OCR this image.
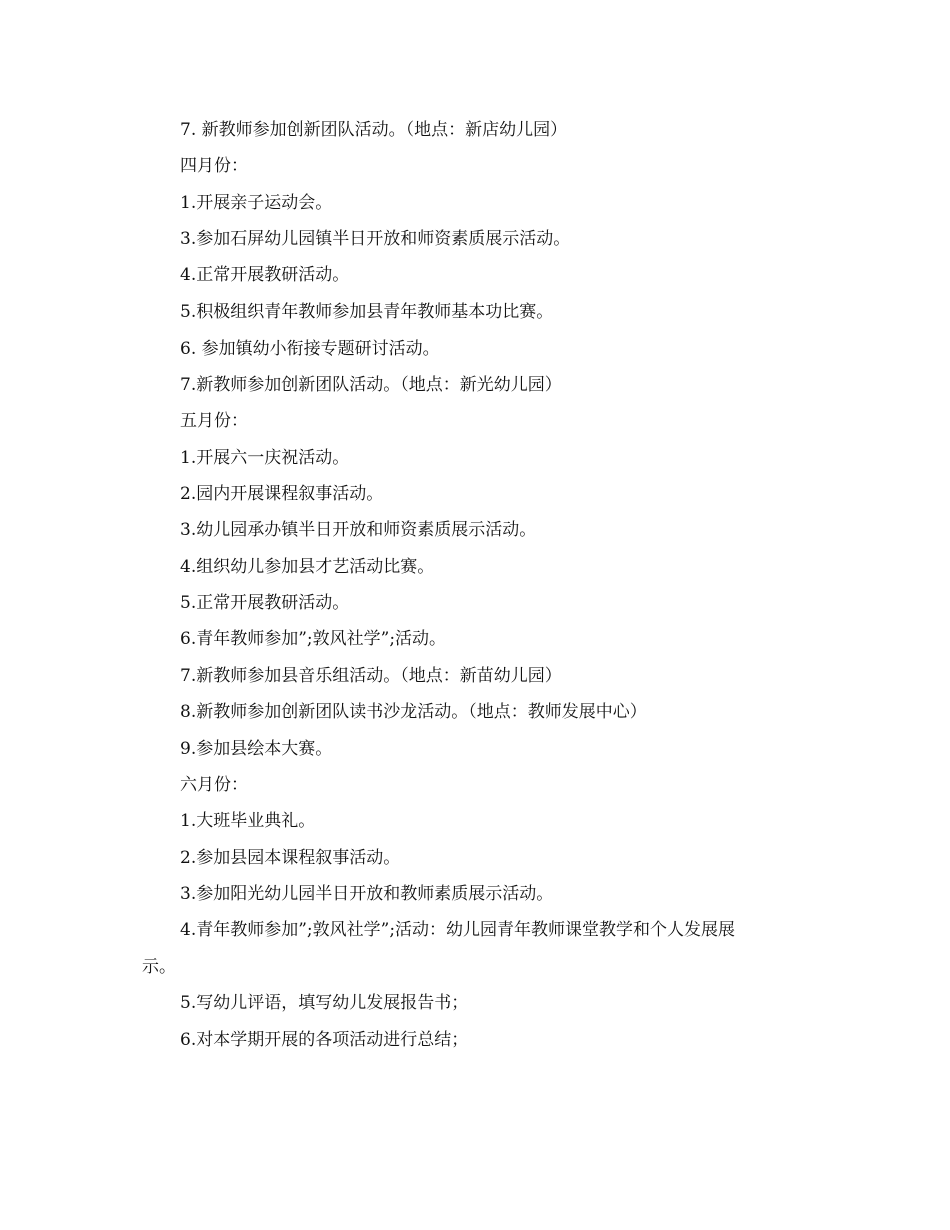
7. 新教师参加创新团队活动。（地点：新店幼儿园）
四月份：
1.开展亲子运动会。
3.参加石屏幼儿园镇半日开放和师资素质展示活动。
4.正常开展教研活动。
5.积极组织青年教师参加县青年教师基本功比赛。
6. 参加镇幼小衔接专题研讨活动。
7.新教师参加创新团队活动。（地点：新光幼儿园）
五月份：
1.开展六一庆祝活动。
2.园内开展课程叙事活动。
3.幼儿园承办镇半日开放和师资素质展示活动。
4.组织幼儿参加县才艺活动比赛。
5.正常开展教研活动。
6.青年教师参加”;敦风社学”;活动。
7.新教师参加县音乐组活动。（地点：新苗幼儿园）
8.新教师参加创新团队读书沙龙活动。（地点：教师发展中心）
9.参加县绘本大赛。
六月份：
1.大班毕业典礼。
2.参加县园本课程叙事活动。
3.参加阳光幼儿园半日开放和教师素质展示活动。
4.青年教师参加”;敦风社学”;活动：幼儿园青年教师课堂教学和个人发展展
示。
5.写幼儿评语，填写幼儿发展报告书；
6.对本学期开展的各项活动进行总结；
